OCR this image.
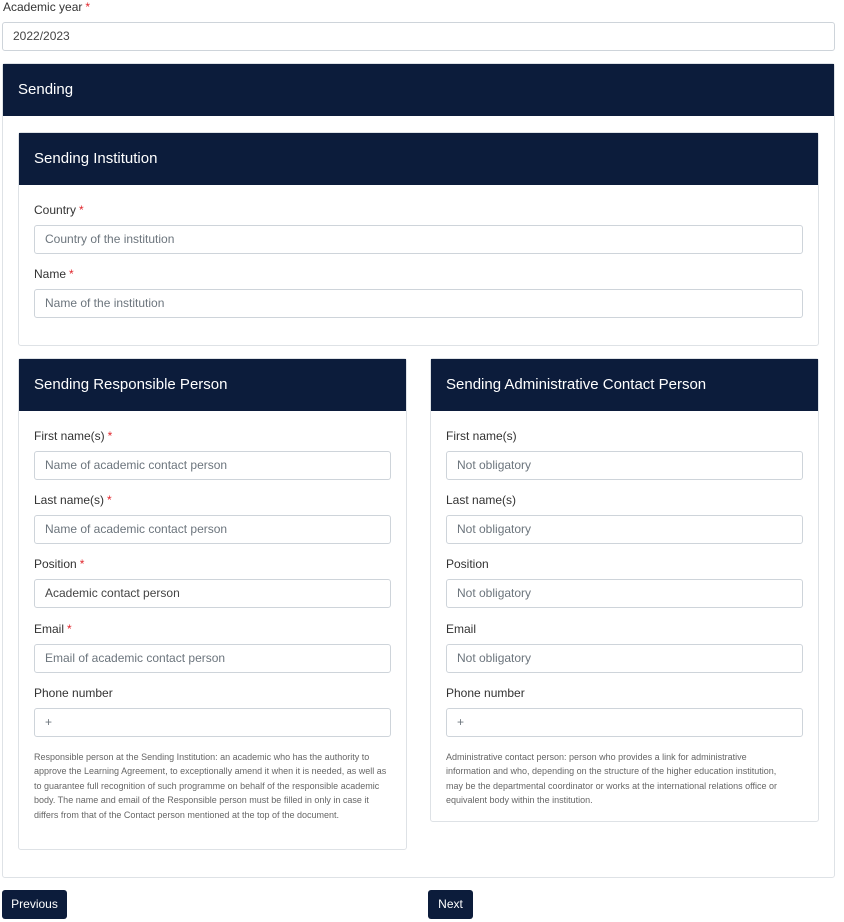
Academic year *
2022/2023
Sending
Sending Institution
Country *
Country of the institution
Name *
Name of the institution
Sending Responsible Person
First name(s) *
Name of academic contact person
Last name(s) *
Name of academic contact person
Position *
Academic contact person
Email *
Email of academic contact person
Phone number
+
Responsible person at the Sending Institution: an academic who has the authority to approve the Learning Agreement, to exceptionally amend it when it is needed, as well as to guarantee full recognition of such programme on behalf of the responsible academic body. The name and email of the Responsible person must be filled in only in case it differs from that of the Contact person mentioned at the top of the document.
Sending Administrative Contact Person
First name(s)
Not obligatory
Last name(s)
Not obligatory
Position
Not obligatory
Email
Not obligatory
Phone number
+
Administrative contact person: person who provides a link for administrative information and who, depending on the structure of the higher education institution, may be the departmental coordinator or works at the international relations office or equivalent body within the institution.
Previous	Next
